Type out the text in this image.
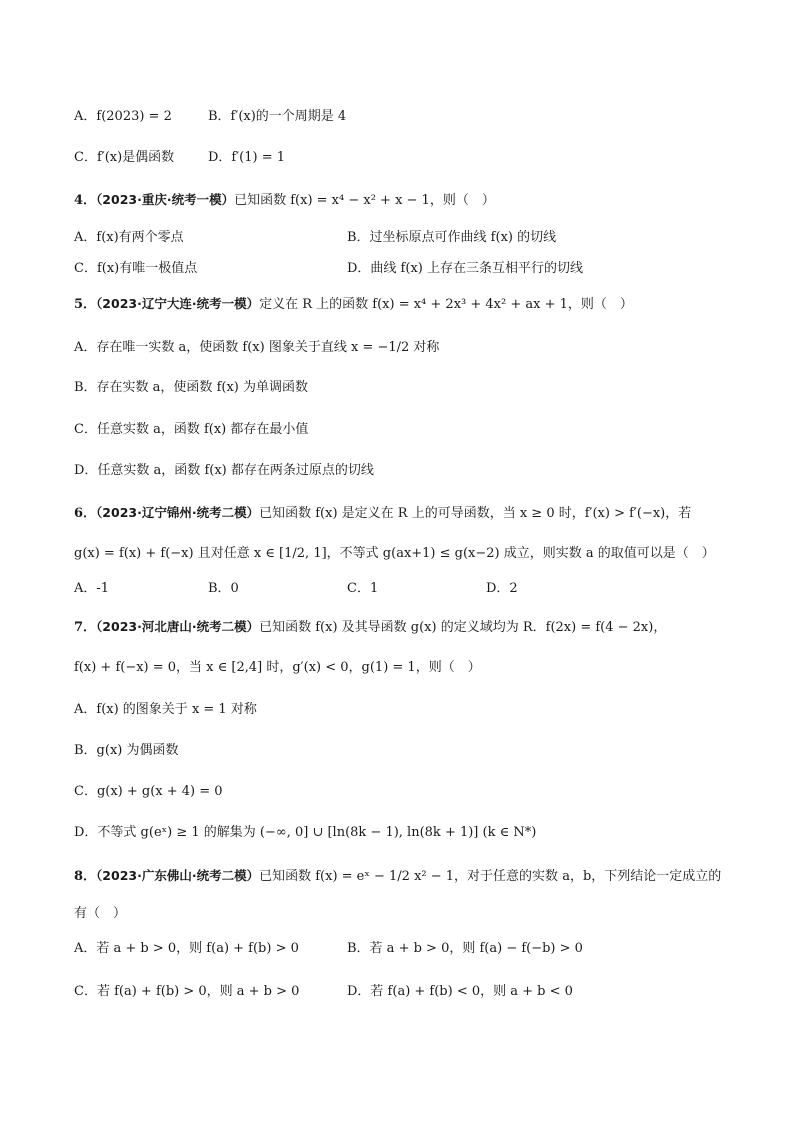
A．f(2023) = 2	B．f′(x)的一个周期是 4
C．f′(x)是偶函数	D．f′(1) = 1
4．（2023·重庆·统考一模）已知函数 f(x) = x⁴ − x² + x − 1，则（　）
A．f(x)有两个零点	B．过坐标原点可作曲线 f(x) 的切线
C．f(x)有唯一极值点	D．曲线 f(x) 上存在三条互相平行的切线
5．（2023·辽宁大连·统考一模）定义在 R 上的函数 f(x) = x⁴ + 2x³ + 4x² + ax + 1，则（　）
A．存在唯一实数 a，使函数 f(x) 图象关于直线 x = −1/2 对称
B．存在实数 a，使函数 f(x) 为单调函数
C．任意实数 a，函数 f(x) 都存在最小值
D．任意实数 a，函数 f(x) 都存在两条过原点的切线
6．（2023·辽宁锦州·统考二模）已知函数 f(x) 是定义在 R 上的可导函数，当 x ≥ 0 时，f′(x) > f′(−x)，若
g(x) = f(x) + f(−x) 且对任意 x ∈ [1/2, 1]，不等式 g(ax+1) ≤ g(x−2) 成立，则实数 a 的取值可以是（　）
A．-1	B．0	C．1	D．2
7．（2023·河北唐山·统考二模）已知函数 f(x) 及其导函数 g(x) 的定义域均为 R．f(2x) = f(4 − 2x)，
f(x) + f(−x) = 0，当 x ∈ [2,4] 时，g′(x) < 0，g(1) = 1，则（　）
A．f(x) 的图象关于 x = 1 对称
B．g(x) 为偶函数
C．g(x) + g(x + 4) = 0
D．不等式 g(eˣ) ≥ 1 的解集为 (−∞, 0] ∪ [ln(8k − 1), ln(8k + 1)] (k ∈ N*)
8．（2023·广东佛山·统考二模）已知函数 f(x) = eˣ − 1/2 x² − 1，对于任意的实数 a，b，下列结论一定成立的
有（　）
A．若 a + b > 0，则 f(a) + f(b) > 0	B．若 a + b > 0，则 f(a) − f(−b) > 0
C．若 f(a) + f(b) > 0，则 a + b > 0	D．若 f(a) + f(b) < 0，则 a + b < 0
